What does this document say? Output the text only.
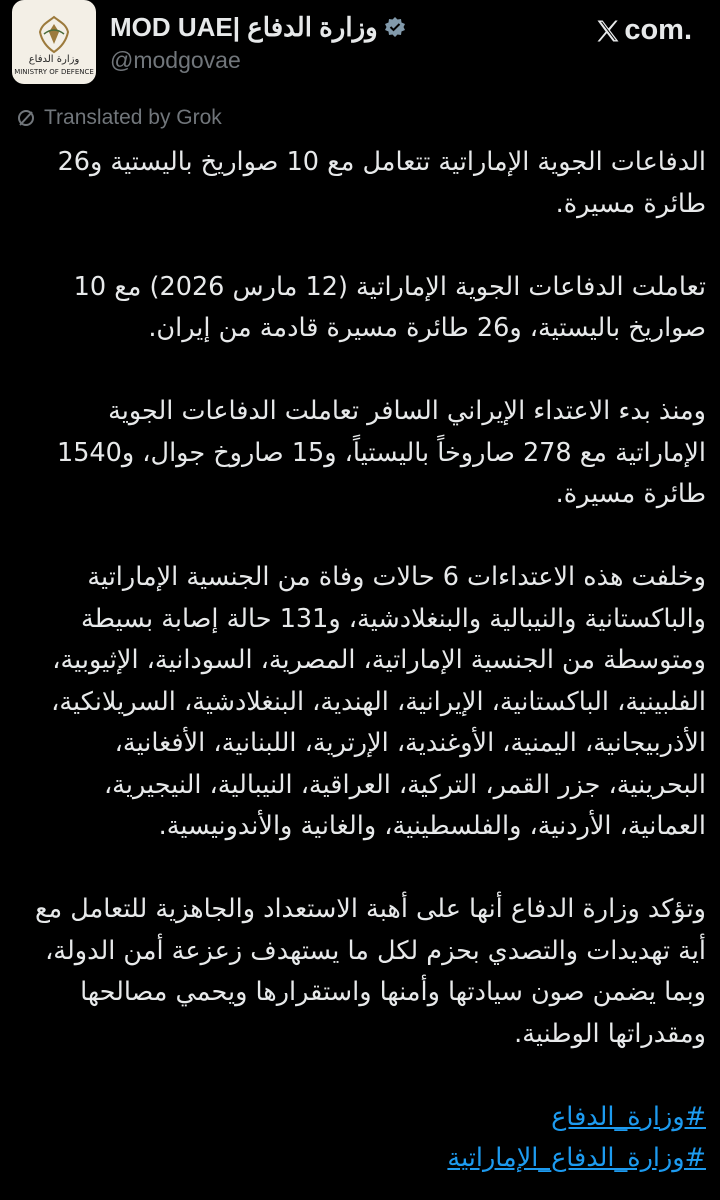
وزارة الدفاع
MINISTRY OF DEFENCE
MOD UAE| وزارة الدفاع
@modgovae
com.
Translated by Grok

الدفاعات الجوية الإماراتية تتعامل مع 10 صواريخ باليستية و26 طائرة مسيرة.

تعاملت الدفاعات الجوية الإماراتية (12 مارس 2026) مع 10 صواريخ باليستية، و26 طائرة مسيرة قادمة من إيران.

ومنذ بدء الاعتداء الإيراني السافر تعاملت الدفاعات الجوية الإماراتية مع 278 صاروخاً باليستياً، و15 صاروخ جوال، و1540 طائرة مسيرة.

وخلفت هذه الاعتداءات 6 حالات وفاة من الجنسية الإماراتية والباكستانية والنيبالية والبنغلادشية، و131 حالة إصابة بسيطة ومتوسطة من الجنسية الإماراتية، المصرية، السودانية، الإثيوبية، الفلبينية، الباكستانية، الإيرانية، الهندية، البنغلادشية، السريلانكية، الأذربيجانية، اليمنية، الأوغندية، الإرترية، اللبنانية، الأفغانية، البحرينية، جزر القمر، التركية، العراقية، النيبالية، النيجيرية، العمانية، الأردنية، والفلسطينية، والغانية والأندونيسية.

وتؤكد وزارة الدفاع أنها على أهبة الاستعداد والجاهزية للتعامل مع أية تهديدات والتصدي بحزم لكل ما يستهدف زعزعة أمن الدولة، وبما يضمن صون سيادتها وأمنها واستقرارها ويحمي مصالحها ومقدراتها الوطنية.

#وزارة_الدفاع

#وزارة_الدفاع_الإماراتية
